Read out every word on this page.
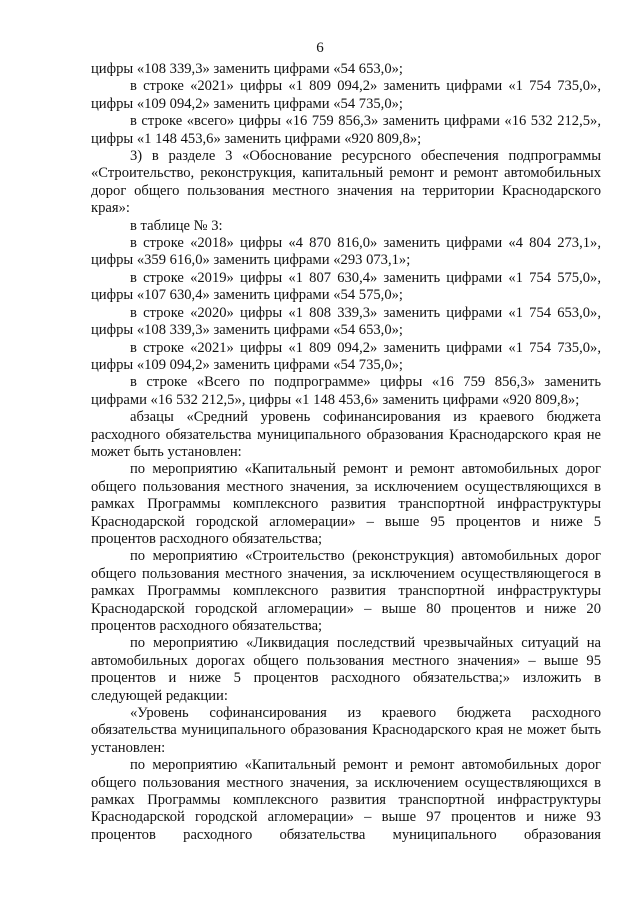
6

цифры «108 339,3» заменить цифрами «54 653,0»;

в строке «2021» цифры «1 809 094,2» заменить цифрами «1 754 735,0», цифры «109 094,2» заменить цифрами «54 735,0»;

в строке «всего» цифры «16 759 856,3» заменить цифрами «16 532 212,5», цифры «1 148 453,6» заменить цифрами «920 809,8»;

3) в разделе 3 «Обоснование ресурсного обеспечения подпрограммы «Строительство, реконструкция, капитальный ремонт и ремонт автомобильных дорог общего пользования местного значения на территории Краснодарского края»:

в таблице № 3:

в строке «2018» цифры «4 870 816,0» заменить цифрами «4 804 273,1», цифры «359 616,0» заменить цифрами «293 073,1»;

в строке «2019» цифры «1 807 630,4» заменить цифрами «1 754 575,0», цифры «107 630,4» заменить цифрами «54 575,0»;

в строке «2020» цифры «1 808 339,3» заменить цифрами «1 754 653,0», цифры «108 339,3» заменить цифрами «54 653,0»;

в строке «2021» цифры «1 809 094,2» заменить цифрами «1 754 735,0», цифры «109 094,2» заменить цифрами «54 735,0»;

в строке «Всего по подпрограмме» цифры «16 759 856,3» заменить цифрами «16 532 212,5», цифры «1 148 453,6» заменить цифрами «920 809,8»;

абзацы «Средний уровень софинансирования из краевого бюджета расходного обязательства муниципального образования Краснодарского края не может быть установлен:

по мероприятию «Капитальный ремонт и ремонт автомобильных дорог общего пользования местного значения, за исключением осуществляющихся в рамках Программы комплексного развития транспортной инфраструктуры Краснодарской городской агломерации» – выше 95 процентов и ниже 5 процентов расходного обязательства;

по мероприятию «Строительство (реконструкция) автомобильных дорог общего пользования местного значения, за исключением осуществляющегося в рамках Программы комплексного развития транспортной инфраструктуры Краснодарской городской агломерации» – выше 80 процентов и ниже 20 процентов расходного обязательства;

по мероприятию «Ликвидация последствий чрезвычайных ситуаций на автомобильных дорогах общего пользования местного значения» – выше 95 процентов и ниже 5 процентов расходного обязательства;» изложить в следующей редакции:

«Уровень софинансирования из краевого бюджета расходного обязательства муниципального образования Краснодарского края не может быть установлен:

по мероприятию «Капитальный ремонт и ремонт автомобильных дорог общего пользования местного значения, за исключением осуществляющихся в рамках Программы комплексного развития транспортной инфраструктуры Краснодарской городской агломерации» – выше 97 процентов и ниже 93 процентов расходного обязательства муниципального образования
